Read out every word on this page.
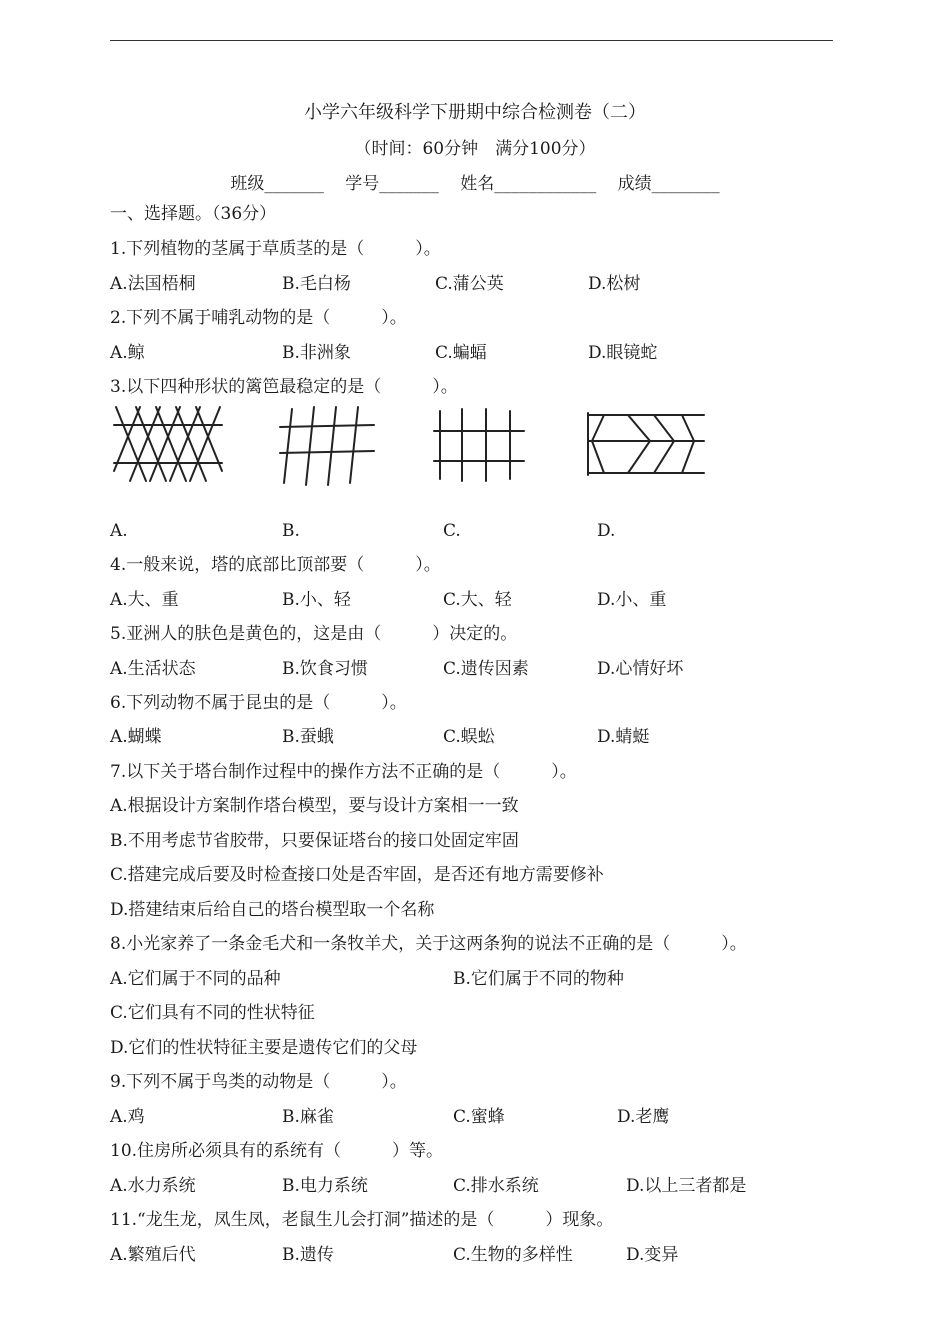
小学六年级科学下册期中综合检测卷（二）
（时间：60分钟　满分100分）
班级_______ 学号_______ 姓名____________ 成绩________
一、选择题。（36分）
1.下列植物的茎属于草质茎的是（　　　）。
A.法国梧桐	B.毛白杨	C.蒲公英	D.松树
2.下列不属于哺乳动物的是（　　　）。
A.鲸	B.非洲象	C.蝙蝠	D.眼镜蛇
3.以下四种形状的篱笆最稳定的是（　　　）。
A.	B.	C.	D.
4.一般来说，塔的底部比顶部要（　　　）。
A.大、重	B.小、轻	C.大、轻	D.小、重
5.亚洲人的肤色是黄色的，这是由（　　　）决定的。
A.生活状态	B.饮食习惯	C.遗传因素	D.心情好坏
6.下列动物不属于昆虫的是（　　　）。
A.蝴蝶	B.蚕蛾	C.蜈蚣	D.蜻蜓
7.以下关于塔台制作过程中的操作方法不正确的是（　　　）。
A.根据设计方案制作塔台模型，要与设计方案相一一致
B.不用考虑节省胶带，只要保证塔台的接口处固定牢固
C.搭建完成后要及时检查接口处是否牢固，是否还有地方需要修补
D.搭建结束后给自己的塔台模型取一个名称
8.小光家养了一条金毛犬和一条牧羊犬，关于这两条狗的说法不正确的是（　　　）。
A.它们属于不同的品种	B.它们属于不同的物种
C.它们具有不同的性状特征
D.它们的性状特征主要是遗传它们的父母
9.下列不属于鸟类的动物是（　　　）。
A.鸡	B.麻雀	C.蜜蜂	D.老鹰
10.住房所必须具有的系统有（　　　）等。
A.水力系统	B.电力系统	C.排水系统	D.以上三者都是
11.“龙生龙，凤生凤，老鼠生儿会打洞”描述的是（　　　）现象。
A.繁殖后代	B.遗传	C.生物的多样性	D.变异
